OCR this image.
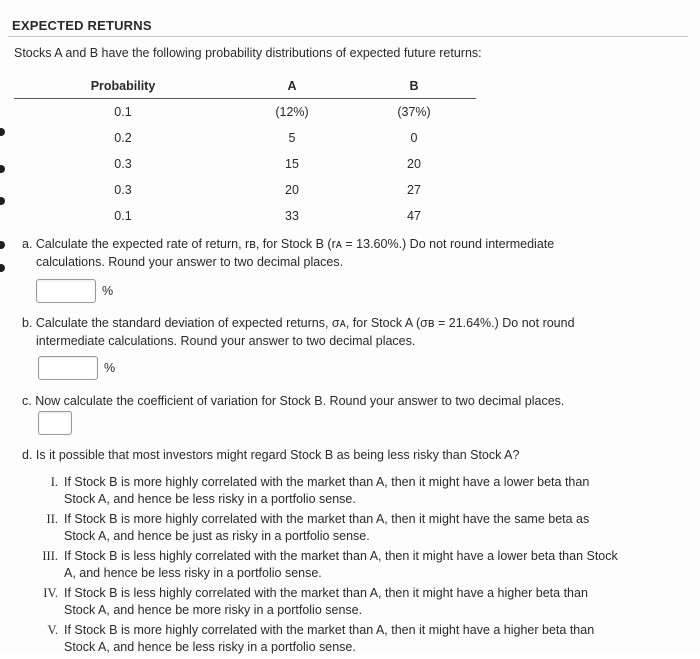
EXPECTED RETURNS
Stocks A and B have the following probability distributions of expected future returns:
Probability	A	B
0.1	(12%)	(37%)
0.2	5	0
0.3	15	20
0.3	20	27
0.1	33	47
a. Calculate the expected rate of return, rʙ, for Stock B (rᴀ = 13.60%.) Do not round intermediate
calculations. Round your answer to two decimal places.
%
b. Calculate the standard deviation of expected returns, σᴀ, for Stock A (σʙ = 21.64%.) Do not round
intermediate calculations. Round your answer to two decimal places.
%
c. Now calculate the coefficient of variation for Stock B. Round your answer to two decimal places.
d. Is it possible that most investors might regard Stock B as being less risky than Stock A?
I. If Stock B is more highly correlated with the market than A, then it might have a lower beta than
Stock A, and hence be less risky in a portfolio sense.
II. If Stock B is more highly correlated with the market than A, then it might have the same beta as
Stock A, and hence be just as risky in a portfolio sense.
III. If Stock B is less highly correlated with the market than A, then it might have a lower beta than Stock
A, and hence be less risky in a portfolio sense.
IV. If Stock B is less highly correlated with the market than A, then it might have a higher beta than
Stock A, and hence be more risky in a portfolio sense.
V. If Stock B is more highly correlated with the market than A, then it might have a higher beta than
Stock A, and hence be less risky in a portfolio sense.
